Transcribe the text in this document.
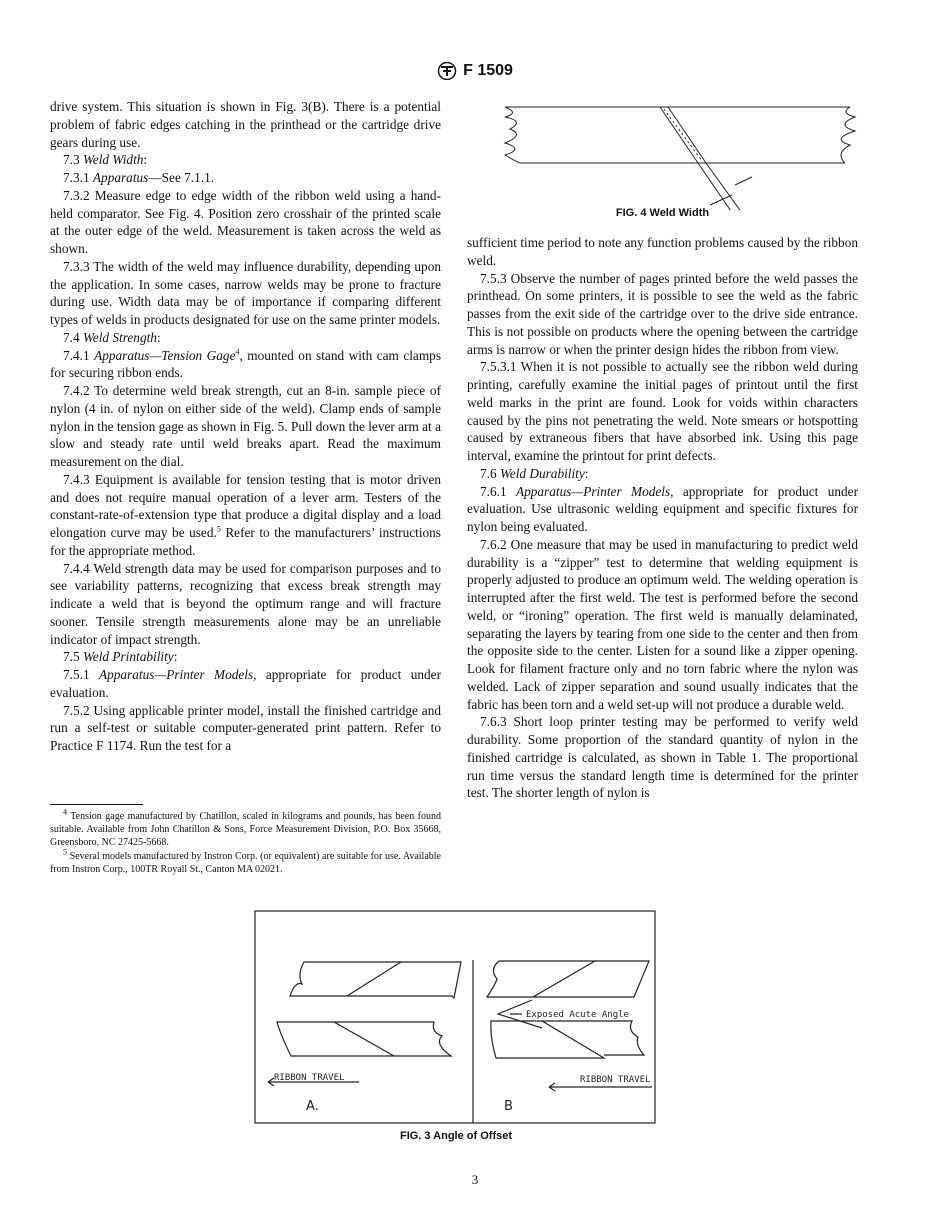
F 1509

drive system. This situation is shown in Fig. 3(B). There is a potential problem of fabric edges catching in the printhead or the cartridge drive gears during use.

7.3 Weld Width:

7.3.1 Apparatus—See 7.1.1.

7.3.2 Measure edge to edge width of the ribbon weld using a hand-held comparator. See Fig. 4. Position zero crosshair of the printed scale at the outer edge of the weld. Measurement is taken across the weld as shown.

7.3.3 The width of the weld may influence durability, depending upon the application. In some cases, narrow welds may be prone to fracture during use. Width data may be of importance if comparing different types of welds in products designated for use on the same printer models.

7.4 Weld Strength:

7.4.1 Apparatus—Tension Gage$^4$, mounted on stand with cam clamps for securing ribbon ends.

7.4.2 To determine weld break strength, cut an 8-in. sample piece of nylon (4 in. of nylon on either side of the weld). Clamp ends of sample nylon in the tension gage as shown in Fig. 5. Pull down the lever arm at a slow and steady rate until weld breaks apart. Read the maximum measurement on the dial.

7.4.3 Equipment is available for tension testing that is motor driven and does not require manual operation of a lever arm. Testers of the constant-rate-of-extension type that produce a digital display and a load elongation curve may be used.$^5$ Refer to the manufacturers’ instructions for the appropriate method.

7.4.4 Weld strength data may be used for comparison purposes and to see variability patterns, recognizing that excess break strength may indicate a weld that is beyond the optimum range and will fracture sooner. Tensile strength measurements alone may be an unreliable indicator of impact strength.

7.5 Weld Printability:

7.5.1 Apparatus—Printer Models, appropriate for product under evaluation.

7.5.2 Using applicable printer model, install the finished cartridge and run a self-test or suitable computer-generated print pattern. Refer to Practice F 1174. Run the test for a

$^4$ Tension gage manufactured by Chatillon, scaled in kilograms and pounds, has been found suitable. Available from John Chatillon & Sons, Force Measurement Division, P.O. Box 35668, Greensboro, NC 27425-5668.

$^5$ Several models manufactured by Instron Corp. (or equivalent) are suitable for use. Available from Instron Corp., 100TR Royall St., Canton MA 02021.

FIG. 4 Weld Width

sufficient time period to note any function problems caused by the ribbon weld.

7.5.3 Observe the number of pages printed before the weld passes the printhead. On some printers, it is possible to see the weld as the fabric passes from the exit side of the cartridge over to the drive side entrance. This is not possible on products where the opening between the cartridge arms is narrow or when the printer design hides the ribbon from view.

7.5.3.1 When it is not possible to actually see the ribbon weld during printing, carefully examine the initial pages of printout until the first weld marks in the print are found. Look for voids within characters caused by the pins not penetrating the weld. Note smears or hotspotting caused by extraneous fibers that have absorbed ink. Using this page interval, examine the printout for print defects.

7.6 Weld Durability:

7.6.1 Apparatus—Printer Models, appropriate for product under evaluation. Use ultrasonic welding equipment and specific fixtures for nylon being evaluated.

7.6.2 One measure that may be used in manufacturing to predict weld durability is a “zipper” test to determine that welding equipment is properly adjusted to produce an optimum weld. The welding operation is interrupted after the first weld. The test is performed before the second weld, or “ironing” operation. The first weld is manually delaminated, separating the layers by tearing from one side to the center and then from the opposite side to the center. Listen for a sound like a zipper opening. Look for filament fracture only and no torn fabric where the nylon was welded. Lack of zipper separation and sound usually indicates that the fabric has been torn and a weld set-up will not produce a durable weld.

7.6.3 Short loop printer testing may be performed to verify weld durability. Some proportion of the standard quantity of nylon in the finished cartridge is calculated, as shown in Table 1. The proportional run time versus the standard length time is determined for the printer test. The shorter length of nylon is

Exposed Acute Angle
RIBBON TRAVEL	RIBBON TRAVEL
A.	B
FIG. 3 Angle of Offset
3
